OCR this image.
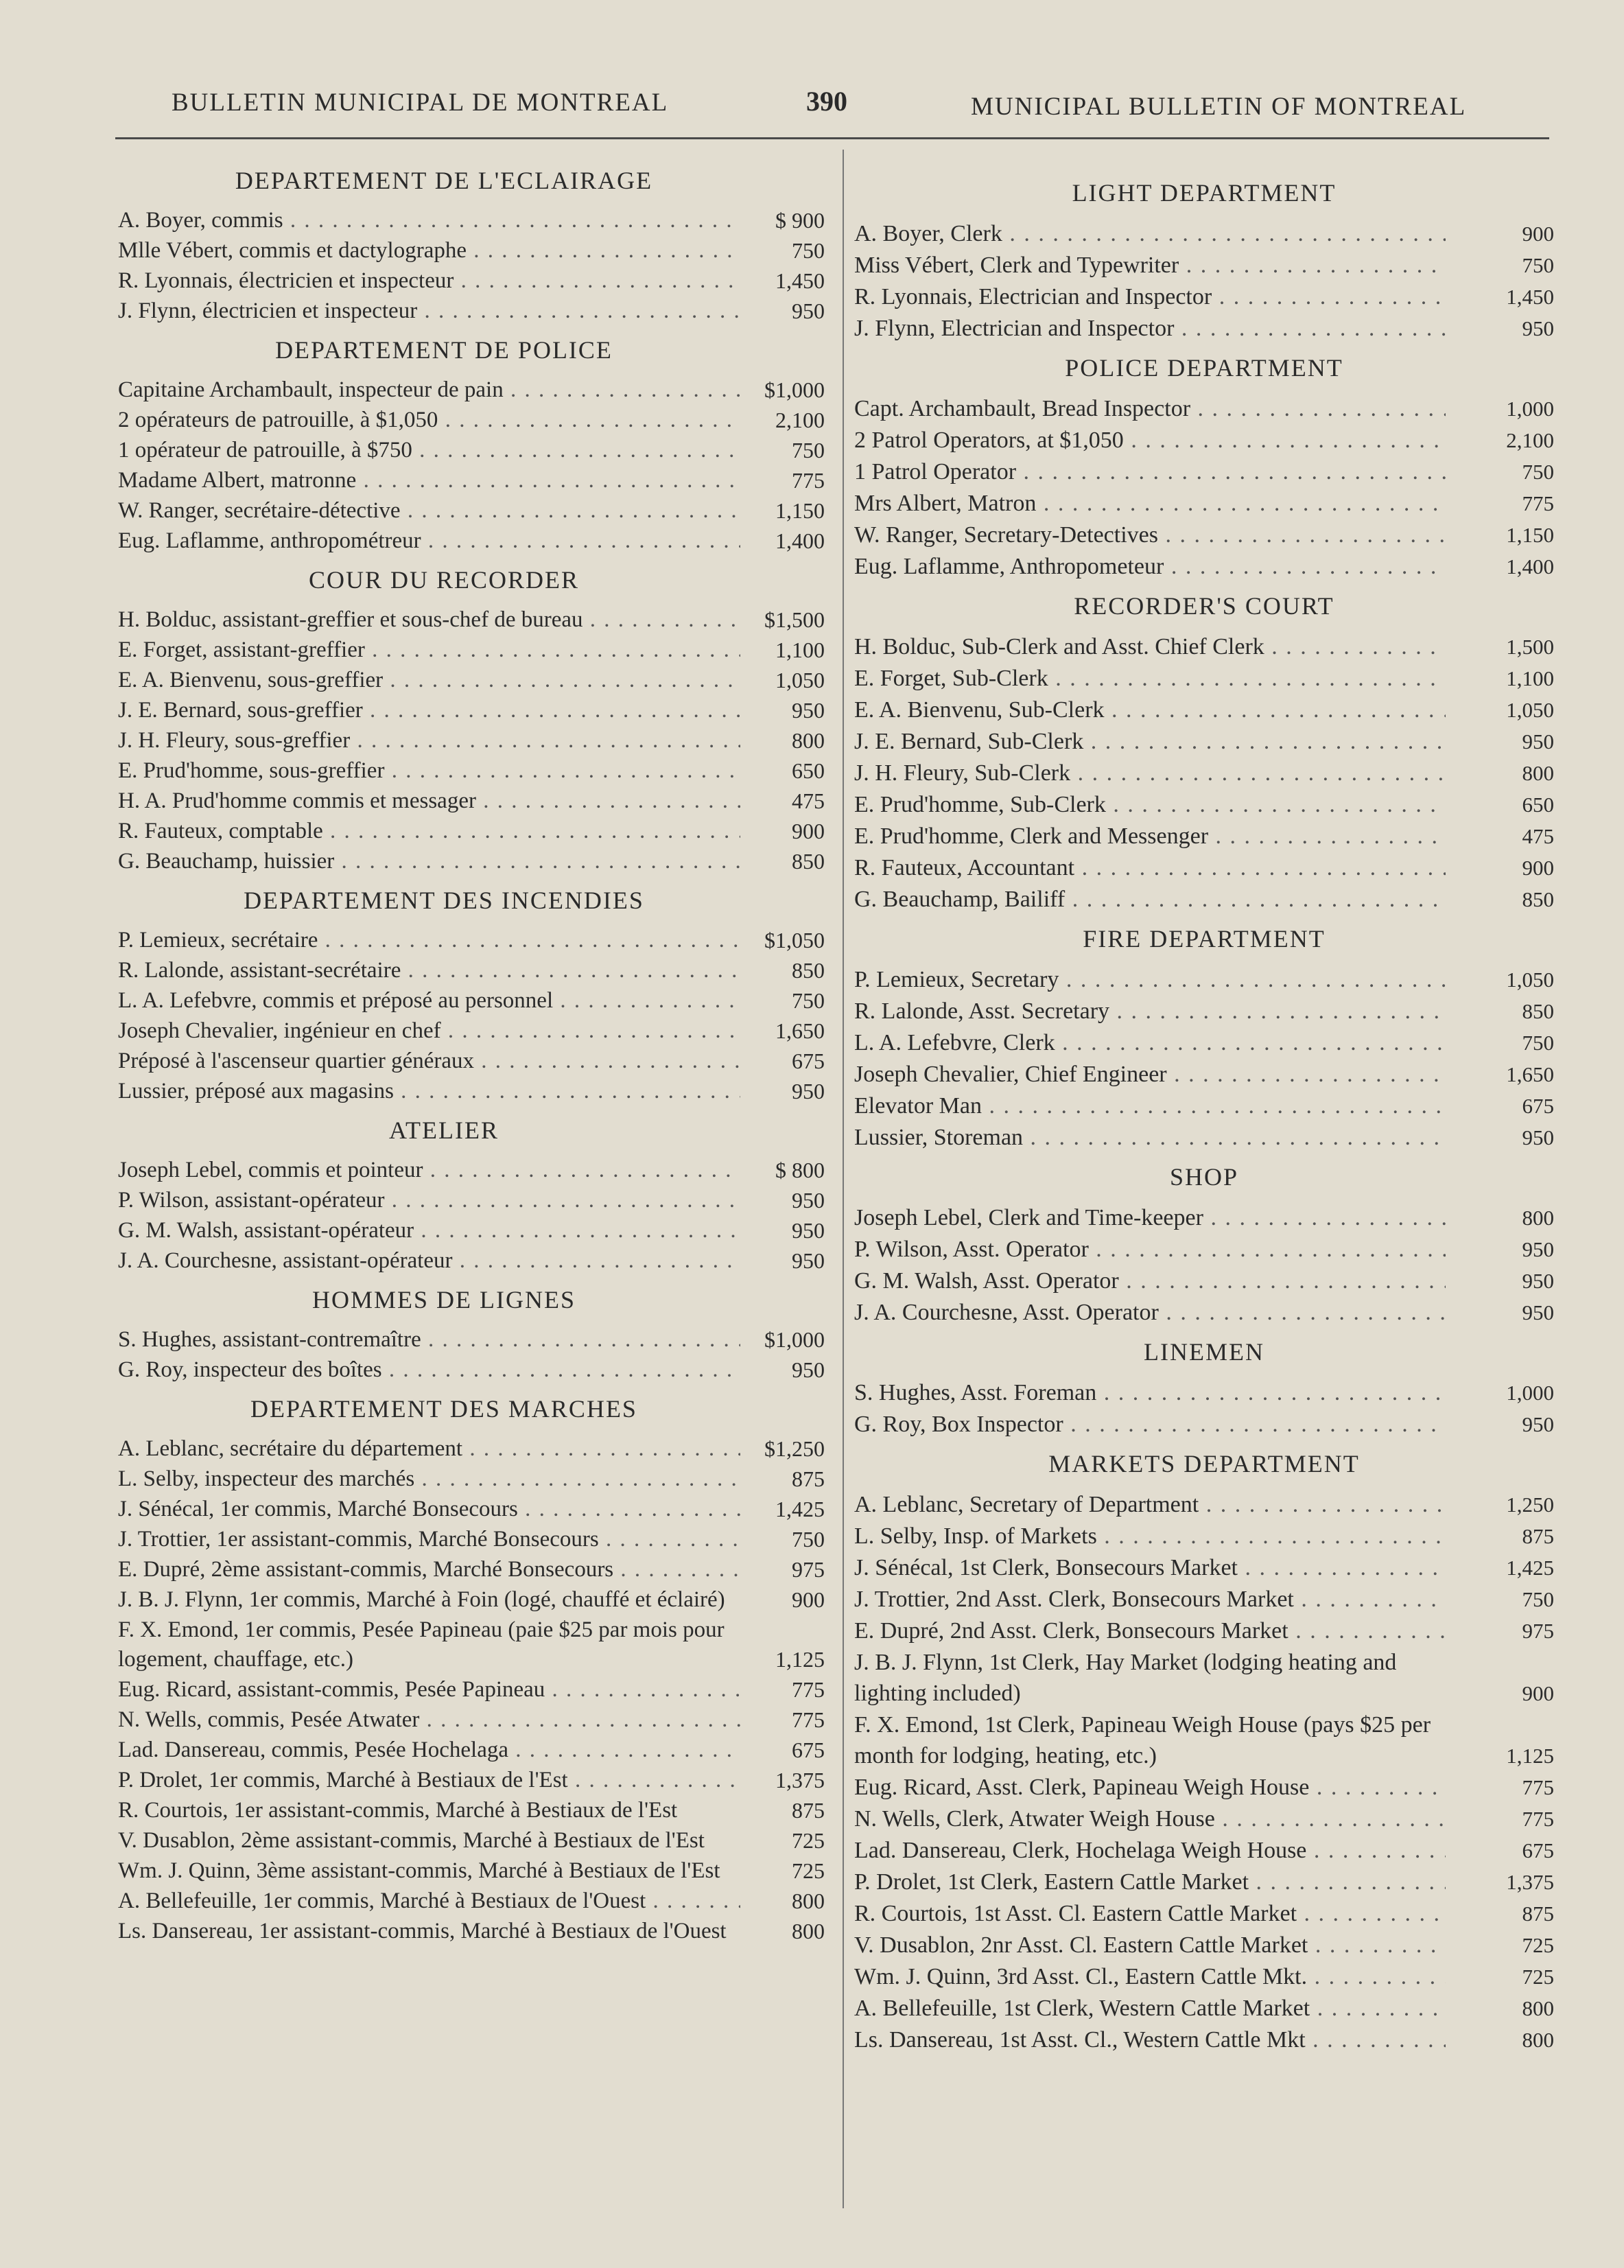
BULLETIN MUNICIPAL DE MONTREAL	390	MUNICIPAL BULLETIN OF MONTREAL
DEPARTEMENT DE L'ECLAIRAGE
A. Boyer, commis . . .	$ 900
Mlle Vébert, commis et dactylographe . . .	750
R. Lyonnais, électricien et inspecteur . . .	1,450
J. Flynn, électricien et inspecteur . . .	950
DEPARTEMENT DE POLICE
Capitaine Archambault, inspecteur de pain . . .	$1,000
2 opérateurs de patrouille, à $1,050 . . .	2,100
1 opérateur de patrouille, à $750 . . .	750
Madame Albert, matronne . . .	775
W. Ranger, secrétaire-détective . . .	1,150
Eug. Laflamme, anthropométreur . . .	1,400
COUR DU RECORDER
H. Bolduc, assistant-greffier et sous-chef de bureau . . .	$1,500
E. Forget, assistant-greffier . . .	1,100
E. A. Bienvenu, sous-greffier . . .	1,050
J. E. Bernard, sous-greffier . . .	950
J. H. Fleury, sous-greffier . . .	800
E. Prud'homme, sous-greffier . . .	650
H. A. Prud'homme commis et messager . . .	475
R. Fauteux, comptable . . .	900
G. Beauchamp, huissier . . .	850
DEPARTEMENT DES INCENDIES
P. Lemieux, secrétaire . . .	$1,050
R. Lalonde, assistant-secrétaire . . .	850
L. A. Lefebvre, commis et préposé au personnel . . .	750
Joseph Chevalier, ingénieur en chef . . .	1,650
Préposé à l'ascenseur quartier généraux . . .	675
Lussier, préposé aux magasins . . .	950
ATELIER
Joseph Lebel, commis et pointeur . . .	$ 800
P. Wilson, assistant-opérateur . . .	950
G. M. Walsh, assistant-opérateur . . .	950
J. A. Courchesne, assistant-opérateur . . .	950
HOMMES DE LIGNES
S. Hughes, assistant-contremaître . . .	$1,000
G. Roy, inspecteur des boîtes . . .	950
DEPARTEMENT DES MARCHES
A. Leblanc, secrétaire du département . . .	$1,250
L. Selby, inspecteur des marchés . . .	875
J. Sénécal, 1er commis, Marché Bonsecours . . .	1,425
J. Trottier, 1er assistant-commis, Marché Bonsecours . . .	750
E. Dupré, 2ème assistant-commis, Marché Bonsecours . . .	975
J. B. J. Flynn, 1er commis, Marché à Foin (logé, chauffé et éclairé)	900
F. X. Emond, 1er commis, Pesée Papineau (paie $25 par mois pour logement, chauffage, etc.)	1,125
Eug. Ricard, assistant-commis, Pesée Papineau . . .	775
N. Wells, commis, Pesée Atwater . . .	775
Lad. Dansereau, commis, Pesée Hochelaga . . .	675
P. Drolet, 1er commis, Marché à Bestiaux de l'Est . . .	1,375
R. Courtois, 1er assistant-commis, Marché à Bestiaux de l'Est	875
V. Dusablon, 2ème assistant-commis, Marché à Bestiaux de l'Est	725
Wm. J. Quinn, 3ème assistant-commis, Marché à Bestiaux de l'Est	725
A. Bellefeuille, 1er commis, Marché à Bestiaux de l'Ouest . . .	800
Ls. Dansereau, 1er assistant-commis, Marché à Bestiaux de l'Ouest	800
LIGHT DEPARTMENT
A. Boyer, Clerk . . .	900
Miss Vébert, Clerk and Typewriter . . .	750
R. Lyonnais, Electrician and Inspector . . .	1,450
J. Flynn, Electrician and Inspector . . .	950
POLICE DEPARTMENT
Capt. Archambault, Bread Inspector . . .	1,000
2 Patrol Operators, at $1,050 . . .	2,100
1 Patrol Operator . . .	750
Mrs Albert, Matron . . .	775
W. Ranger, Secretary-Detectives . . .	1,150
Eug. Laflamme, Anthropometeur . . .	1,400
RECORDER'S COURT
H. Bolduc, Sub-Clerk and Asst. Chief Clerk . . .	1,500
E. Forget, Sub-Clerk . . .	1,100
E. A. Bienvenu, Sub-Clerk . . .	1,050
J. E. Bernard, Sub-Clerk . . .	950
J. H. Fleury, Sub-Clerk . . .	800
E. Prud'homme, Sub-Clerk . . .	650
E. Prud'homme, Clerk and Messenger . . .	475
R. Fauteux, Accountant . . .	900
G. Beauchamp, Bailiff . . .	850
FIRE DEPARTMENT
P. Lemieux, Secretary . . .	1,050
R. Lalonde, Asst. Secretary . . .	850
L. A. Lefebvre, Clerk . . .	750
Joseph Chevalier, Chief Engineer . . .	1,650
Elevator Man . . .	675
Lussier, Storeman . . .	950
SHOP
Joseph Lebel, Clerk and Time-keeper . . .	800
P. Wilson, Asst. Operator . . .	950
G. M. Walsh, Asst. Operator . . .	950
J. A. Courchesne, Asst. Operator . . .	950
LINEMEN
S. Hughes, Asst. Foreman . . .	1,000
G. Roy, Box Inspector . . .	950
MARKETS DEPARTMENT
A. Leblanc, Secretary of Department . . .	1,250
L. Selby, Insp. of Markets . . .	875
J. Sénécal, 1st Clerk, Bonsecours Market . . .	1,425
J. Trottier, 2nd Asst. Clerk, Bonsecours Market . . .	750
E. Dupré, 2nd Asst. Clerk, Bonsecours Market . . .	975
J. B. J. Flynn, 1st Clerk, Hay Market (lodging heating and lighting included)	900
F. X. Emond, 1st Clerk, Papineau Weigh House (pays $25 per month for lodging, heating, etc.)	1,125
Eug. Ricard, Asst. Clerk, Papineau Weigh House . . .	775
N. Wells, Clerk, Atwater Weigh House . . .	775
Lad. Dansereau, Clerk, Hochelaga Weigh House . . .	675
P. Drolet, 1st Clerk, Eastern Cattle Market . . .	1,375
R. Courtois, 1st Asst. Cl. Eastern Cattle Market . . .	875
V. Dusablon, 2nr Asst. Cl. Eastern Cattle Market . . .	725
Wm. J. Quinn, 3rd Asst. Cl., Eastern Cattle Mkt. . . .	725
A. Bellefeuille, 1st Clerk, Western Cattle Market . . .	800
Ls. Dansereau, 1st Asst. Cl., Western Cattle Mkt . . .	800
